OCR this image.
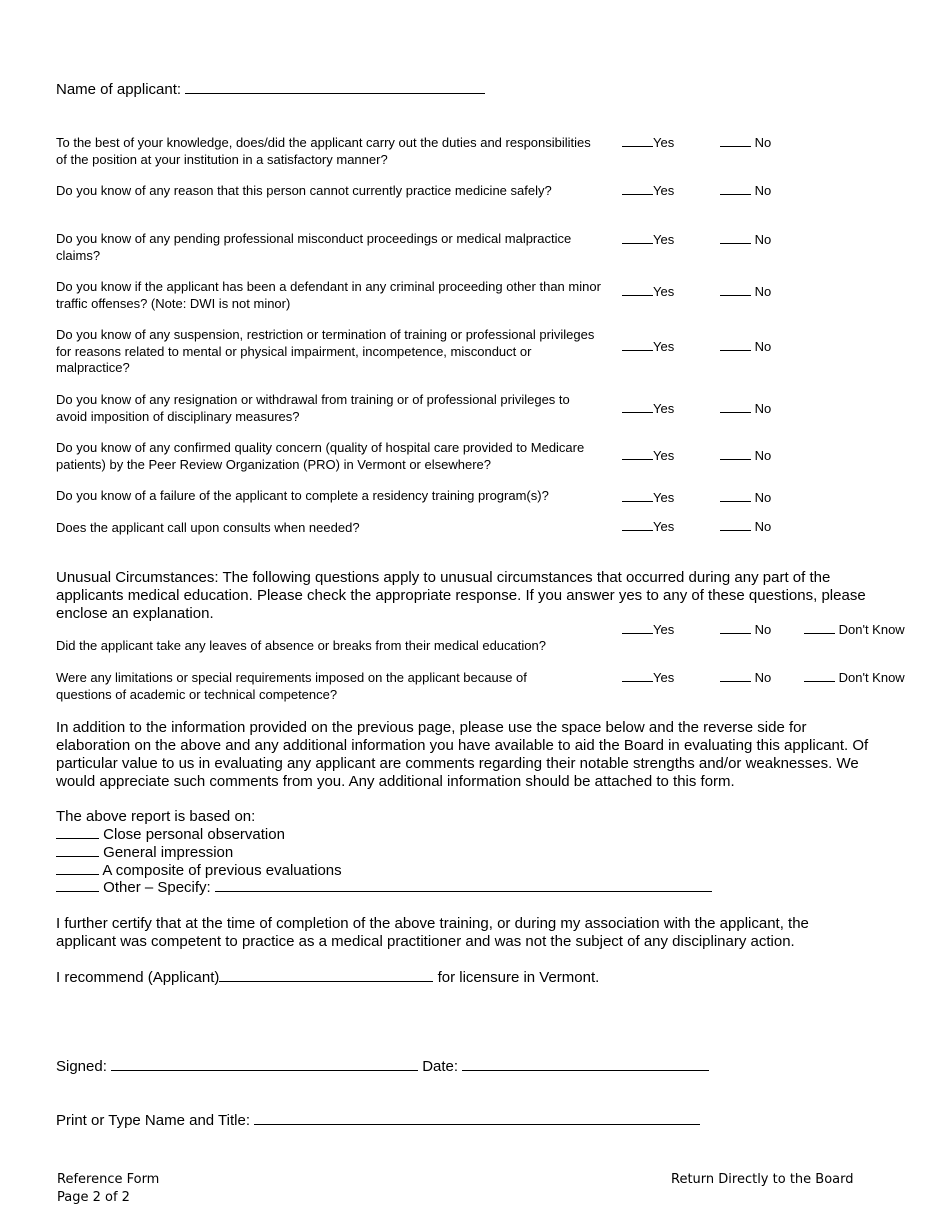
Name of applicant:
To the best of your knowledge, does/did the applicant carry out the duties and responsibilities of the position at your institution in a satisfactory manner?
Yes	No
Do you know of any reason that this person cannot currently practice medicine safely?	Yes	No
Do you know of any pending professional misconduct proceedings or medical malpractice claims?
Yes	No
Do you know if the applicant has been a defendant in any criminal proceeding other than minor traffic offenses? (Note: DWI is not minor)
Yes	No
Do you know of any suspension, restriction or termination of training or professional privileges for reasons related to mental or physical impairment, incompetence, misconduct or malpractice?
Yes	No
Do you know of any resignation or withdrawal from training or of professional privileges to avoid imposition of disciplinary measures?	Yes	No
Do you know of any confirmed quality concern (quality of hospital care provided to Medicare patients) by the Peer Review Organization (PRO) in Vermont or elsewhere?
Yes	No
Do you know of a failure of the applicant to complete a residency training program(s)?	Yes	No
Does the applicant call upon consults when needed?	Yes	No
Unusual Circumstances: The following questions apply to unusual circumstances that occurred during any part of the applicants medical education. Please check the appropriate response. If you answer yes to any of these questions, please enclose an explanation.
Did the applicant take any leaves of absence or breaks from their medical education?
Yes	No	Don't Know
Were any limitations or special requirements imposed on the applicant because of questions of academic or technical competence?
Yes	No	Don't Know
In addition to the information provided on the previous page, please use the space below and the reverse side for elaboration on the above and any additional information you have available to aid the Board in evaluating this applicant. Of particular value to us in evaluating any applicant are comments regarding their notable strengths and/or weaknesses. We would appreciate such comments from you. Any additional information should be attached to this form.
The above report is based on:
Close personal observation
General impression
A composite of previous evaluations
Other – Specify:
I further certify that at the time of completion of the above training, or during my association with the applicant, the applicant was competent to practice as a medical practitioner and was not the subject of any disciplinary action.
I recommend (Applicant)	for licensure in Vermont.
Signed:	Date:
Print or Type Name and Title:
Reference Form
Page 2 of 2
Return Directly to the Board
